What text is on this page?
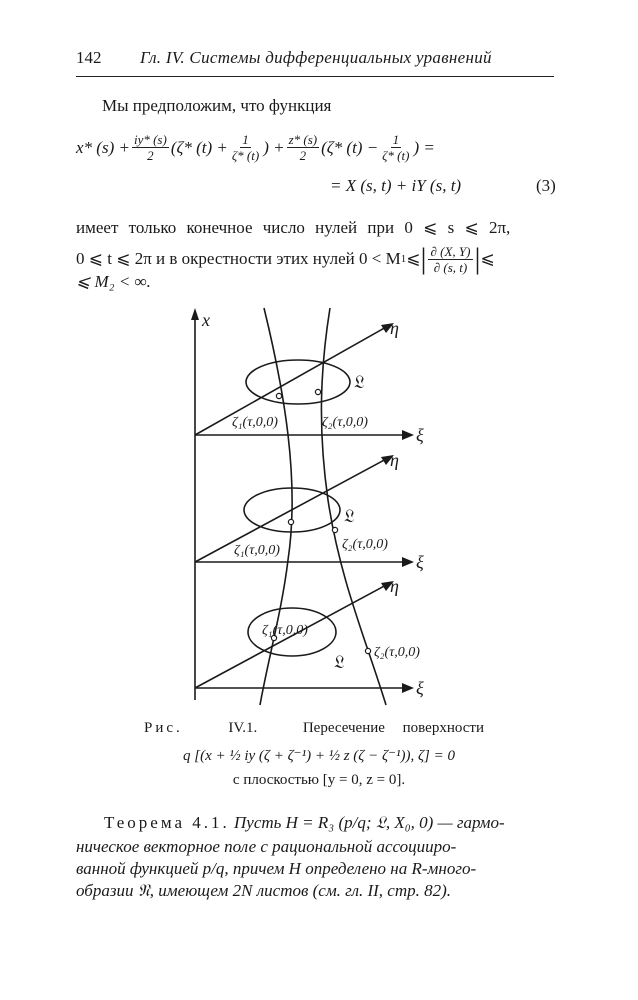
142 Гл. IV. Системы дифференциальных уравнений
Мы предположим, что функция
x* $(s) + \frac{iy* (s)}{2} (\zeta*$ $(t) + \frac{1}{\zeta* (t)}$ ) + $\frac{z* (s)}{2} (\zeta*$ $(t) - \frac{1}{\zeta* (t)}$ ) =
= X (s, t) + iY (s, t)	(3)
имеет только конечное число нулей при 0 ⩽ s ⩽ 2π,
0 ⩽ t ⩽ 2π и в окрестности этих нулей 0 < M 1 ⩽ | $\frac{\partial (X, Y)}{\partial (s, t)}$ | ⩽
⩽ M₂ < ∞.
x	η
η
η
ξ
ξ
ξ
𝔏
𝔏
𝔏
ζ₁(τ,0,0)	ζ₂(τ,0,0)
ζ₁(τ,0,0)	ζ₂(τ,0,0)
ζ₁(τ,0,0)
ζ₂(τ,0,0)
Рис.	IV.1.	Пересечение поверхности
q [(x + ½ iy (ζ + ζ⁻¹) + ½ z (ζ − ζ⁻¹)), ζ] = 0
с плоскостью [y = 0, z = 0].
Теорема 4.1. Пусть H = R₃ (p/q; 𝔏, X₀, 0) — гармо-
ническое векторное поле с рациональной ассоцииро-
ванной функцией p/q, причем H определено на R-много-
образии 𝔑, имеющем 2N листов (см. гл. II, стр. 82).
